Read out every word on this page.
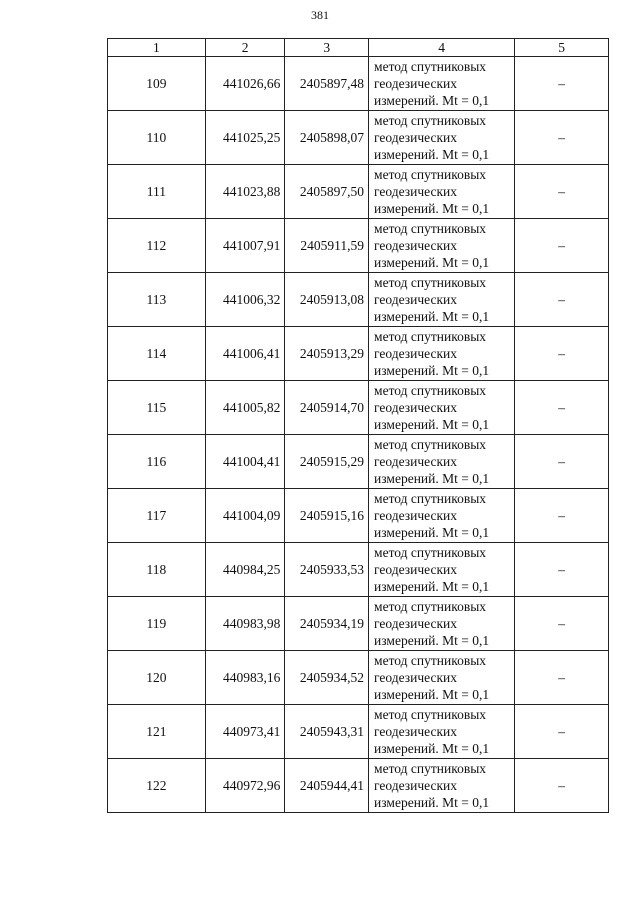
381
1	2	3	4	5
109	441026,66	2405897,48	метод спутниковых
геодезических
измерений. Mt = 0,1	–
110	441025,25	2405898,07	метод спутниковых
геодезических
измерений. Mt = 0,1	–
111	441023,88	2405897,50	метод спутниковых
геодезических
измерений. Mt = 0,1	–
112	441007,91	2405911,59	метод спутниковых
геодезических
измерений. Mt = 0,1	–
113	441006,32	2405913,08	метод спутниковых
геодезических
измерений. Mt = 0,1	–
114	441006,41	2405913,29	метод спутниковых
геодезических
измерений. Mt = 0,1	–
115	441005,82	2405914,70	метод спутниковых
геодезических
измерений. Mt = 0,1	–
116	441004,41	2405915,29	метод спутниковых
геодезических
измерений. Mt = 0,1	–
117	441004,09	2405915,16	метод спутниковых
геодезических
измерений. Mt = 0,1	–
118	440984,25	2405933,53	метод спутниковых
геодезических
измерений. Mt = 0,1	–
119	440983,98	2405934,19	метод спутниковых
геодезических
измерений. Mt = 0,1	–
120	440983,16	2405934,52	метод спутниковых
геодезических
измерений. Mt = 0,1	–
121	440973,41	2405943,31	метод спутниковых
геодезических
измерений. Mt = 0,1	–
122	440972,96	2405944,41	метод спутниковых
геодезических
измерений. Mt = 0,1	–
